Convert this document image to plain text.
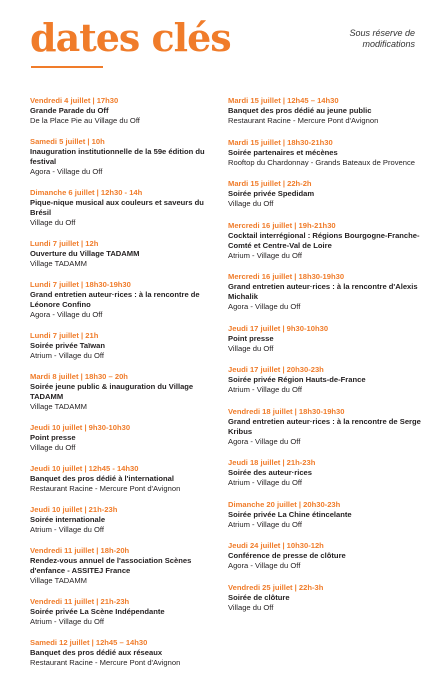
dates clés	Sous réserve de modifications
Vendredi 4 juillet | 17h30
Grande Parade du Off
De la Place Pie au Village du Off
Samedi 5 juillet | 10h
Inauguration institutionnelle de la 59e édition du festival
Agora - Village du Off
Dimanche 6 juillet | 12h30 - 14h
Pique-nique musical aux couleurs et saveurs du Brésil
Village du Off
Lundi 7 juillet | 12h
Ouverture du Village TADAMM
Village TADAMM
Lundi 7 juillet | 18h30-19h30
Grand entretien auteur·rices : à la rencontre de Léonore Confino
Agora - Village du Off
Lundi 7 juillet | 21h
Soirée privée Taïwan
Atrium - Village du Off
Mardi 8 juillet | 18h30 – 20h
Soirée jeune public & inauguration du Village TADAMM
Village TADAMM
Jeudi 10 juillet | 9h30-10h30
Point presse
Village du Off
Jeudi 10 juillet | 12h45 - 14h30
Banquet des pros dédié à l'international
Restaurant Racine - Mercure Pont d'Avignon
Jeudi 10 juillet | 21h-23h
Soirée internationale
Atrium - Village du Off
Vendredi 11 juillet | 18h-20h
Rendez-vous annuel de l'association Scènes d'enfance - ASSITEJ France
Village TADAMM
Vendredi 11 juillet | 21h-23h
Soirée privée La Scène Indépendante
Atrium - Village du Off
Samedi 12 juillet | 12h45 – 14h30
Banquet des pros dédié aux réseaux
Restaurant Racine - Mercure Pont d'Avignon
Mardi 15 juillet | 12h45 – 14h30
Banquet des pros dédié au jeune public
Restaurant Racine - Mercure Pont d'Avignon
Mardi 15 juillet | 18h30-21h30
Soirée partenaires et mécènes
Rooftop du Chardonnay - Grands Bateaux de Provence
Mardi 15 juillet | 22h-2h
Soirée privée Spedidam
Village du Off
Mercredi 16 juillet | 19h-21h30
Cocktail interrégional : Régions Bourgogne-Franche-Comté et Centre-Val de Loire
Atrium - Village du Off
Mercredi 16 juillet | 18h30-19h30
Grand entretien auteur·rices : à la rencontre d'Alexis Michalik
Agora - Village du Off
Jeudi 17 juillet | 9h30-10h30
Point presse
Village du Off
Jeudi 17 juillet | 20h30-23h
Soirée privée Région Hauts-de-France
Atrium - Village du Off
Vendredi 18 juillet | 18h30-19h30
Grand entretien auteur·rices : à la rencontre de Serge Kribus
Agora - Village du Off
Jeudi 18 juillet | 21h-23h
Soirée des auteur·rices
Atrium - Village du Off
Dimanche 20 juillet | 20h30-23h
Soirée privée La Chine étincelante
Atrium - Village du Off
Jeudi 24 juillet | 10h30-12h
Conférence de presse de clôture
Agora - Village du Off
Vendredi 25 juillet | 22h-3h
Soirée de clôture
Village du Off
